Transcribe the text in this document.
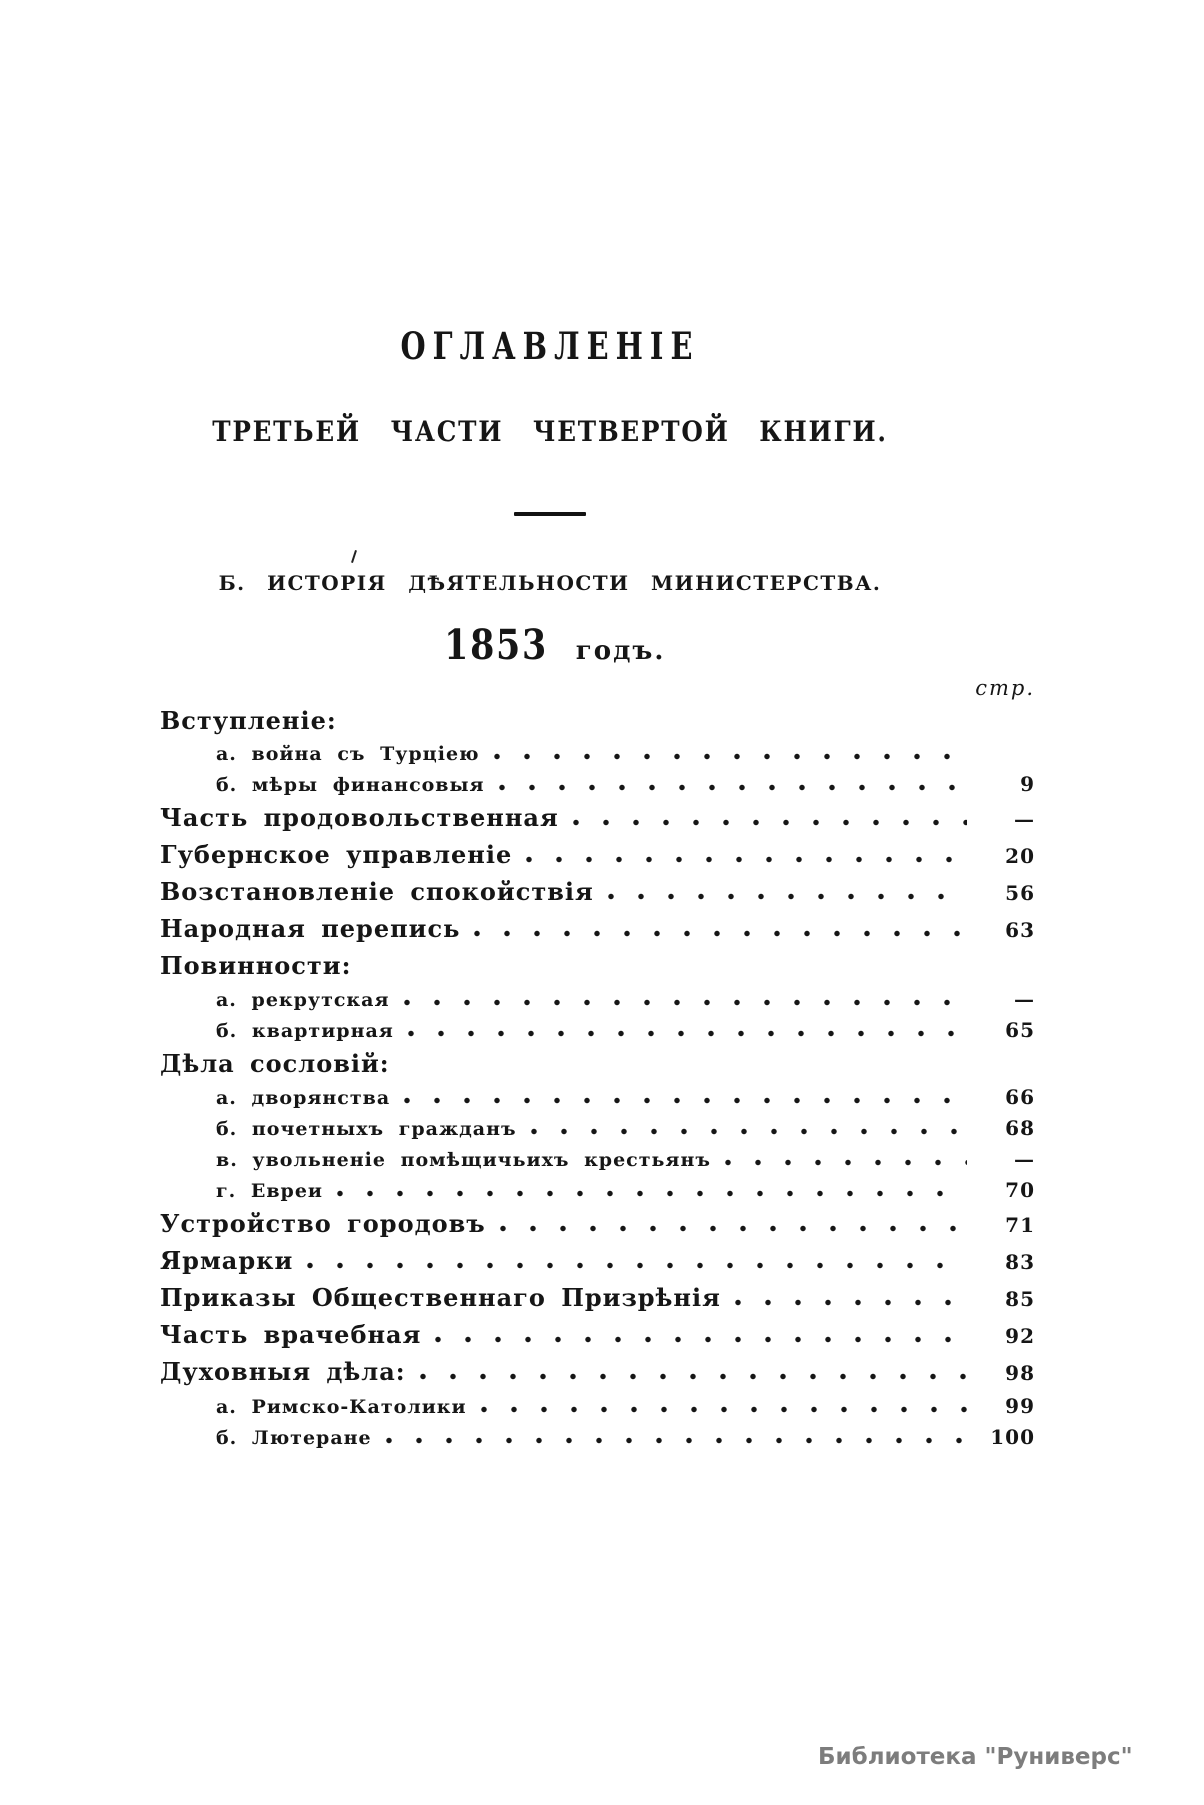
ОГЛАВЛЕНІЕ
ТРЕТЬЕЙ ЧАСТИ ЧЕТВЕРТОЙ КНИГИ.
Б. ИСТОРІЯ ДѢЯТЕЛЬНОСТИ МИНИСТЕРСТВА.
1853 годъ.
стр.
Вступленіе:
а. война съ Турціею
б. мѣры финансовыя	9
Часть продовольственная	—
Губернское управленіе	20
Возстановленіе спокойствія	56
Народная перепись	63
Повинности:
а. рекрутская	—
б. квартирная	65
Дѣла сословій:
а. дворянства	66
б. почетныхъ гражданъ	68
в. увольненіе помѣщичьихъ крестьянъ	—
г. Евреи	70
Устройство городовъ	71
Ярмарки	83
Приказы Общественнаго Призрѣнія	85
Часть врачебная	92
Духовныя дѣла:	98
а. Римско-Католики	99
б. Лютеране	100
Библиотека "Руниверс"
